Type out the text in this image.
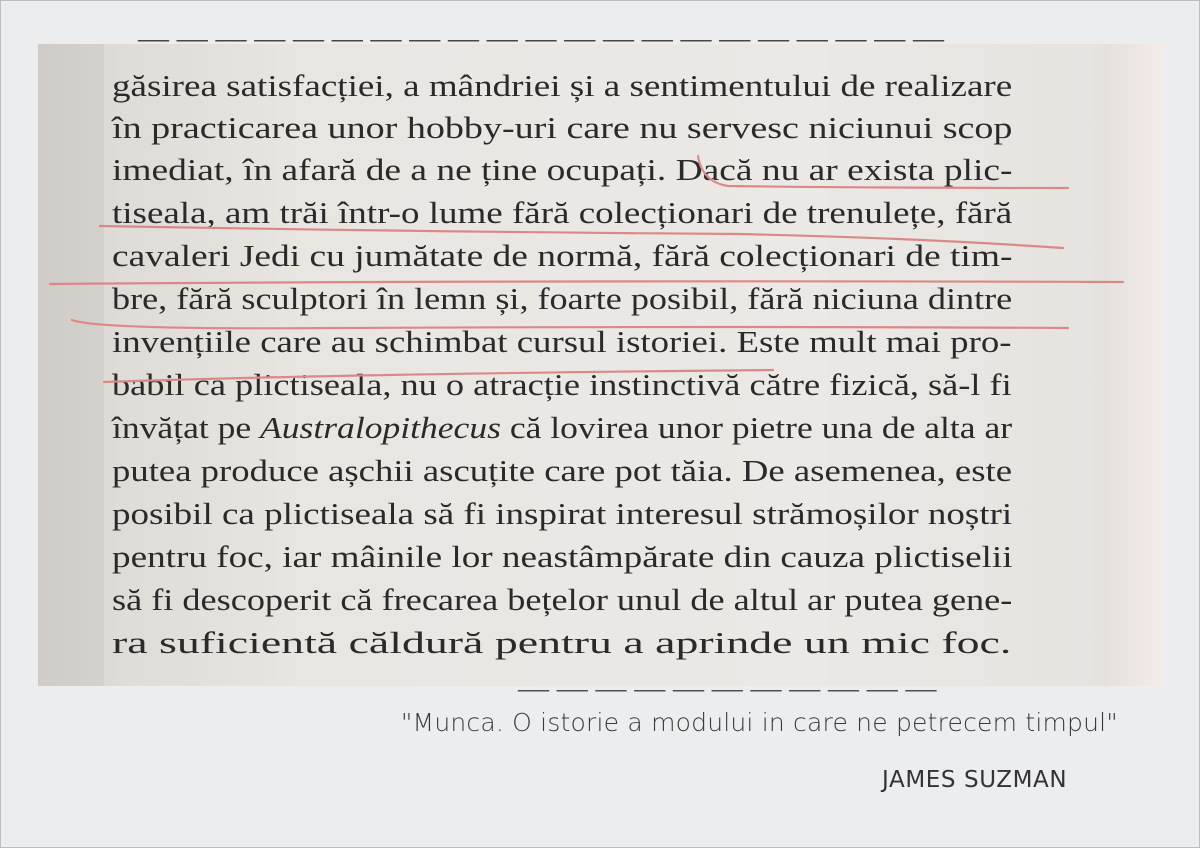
— — — — — — — — — — — — — — — — — — — — —
găsirea satisfacției, a mândriei și a sentimentului de realizare
în practicarea unor hobby-uri care nu servesc niciunui scop
imediat, în afară de a ne ține ocupați. Dacă nu ar exista plic-
tiseala, am trăi într-o lume fără colecționari de trenulețe, fără
cavaleri Jedi cu jumătate de normă, fără colecționari de tim-
bre, fără sculptori în lemn și, foarte posibil, fără niciuna dintre
invențiile care au schimbat cursul istoriei. Este mult mai pro-
babil ca plictiseala, nu o atracție instinctivă către fizică, să-l fi
învățat pe Australopithecus că lovirea unor pietre una de alta ar
putea produce așchii ascuțite care pot tăia. De asemenea, este
posibil ca plictiseala să fi inspirat interesul strămoșilor noștri
pentru foc, iar mâinile lor neastâmpărate din cauza plictiselii
să fi descoperit că frecarea bețelor unul de altul ar putea gene-
ra suficientă căldură pentru a aprinde un mic foc.
— — — — — — — — — — —
"Munca. O istorie a modului in care ne petrecem timpul"
JAMES SUZMAN
